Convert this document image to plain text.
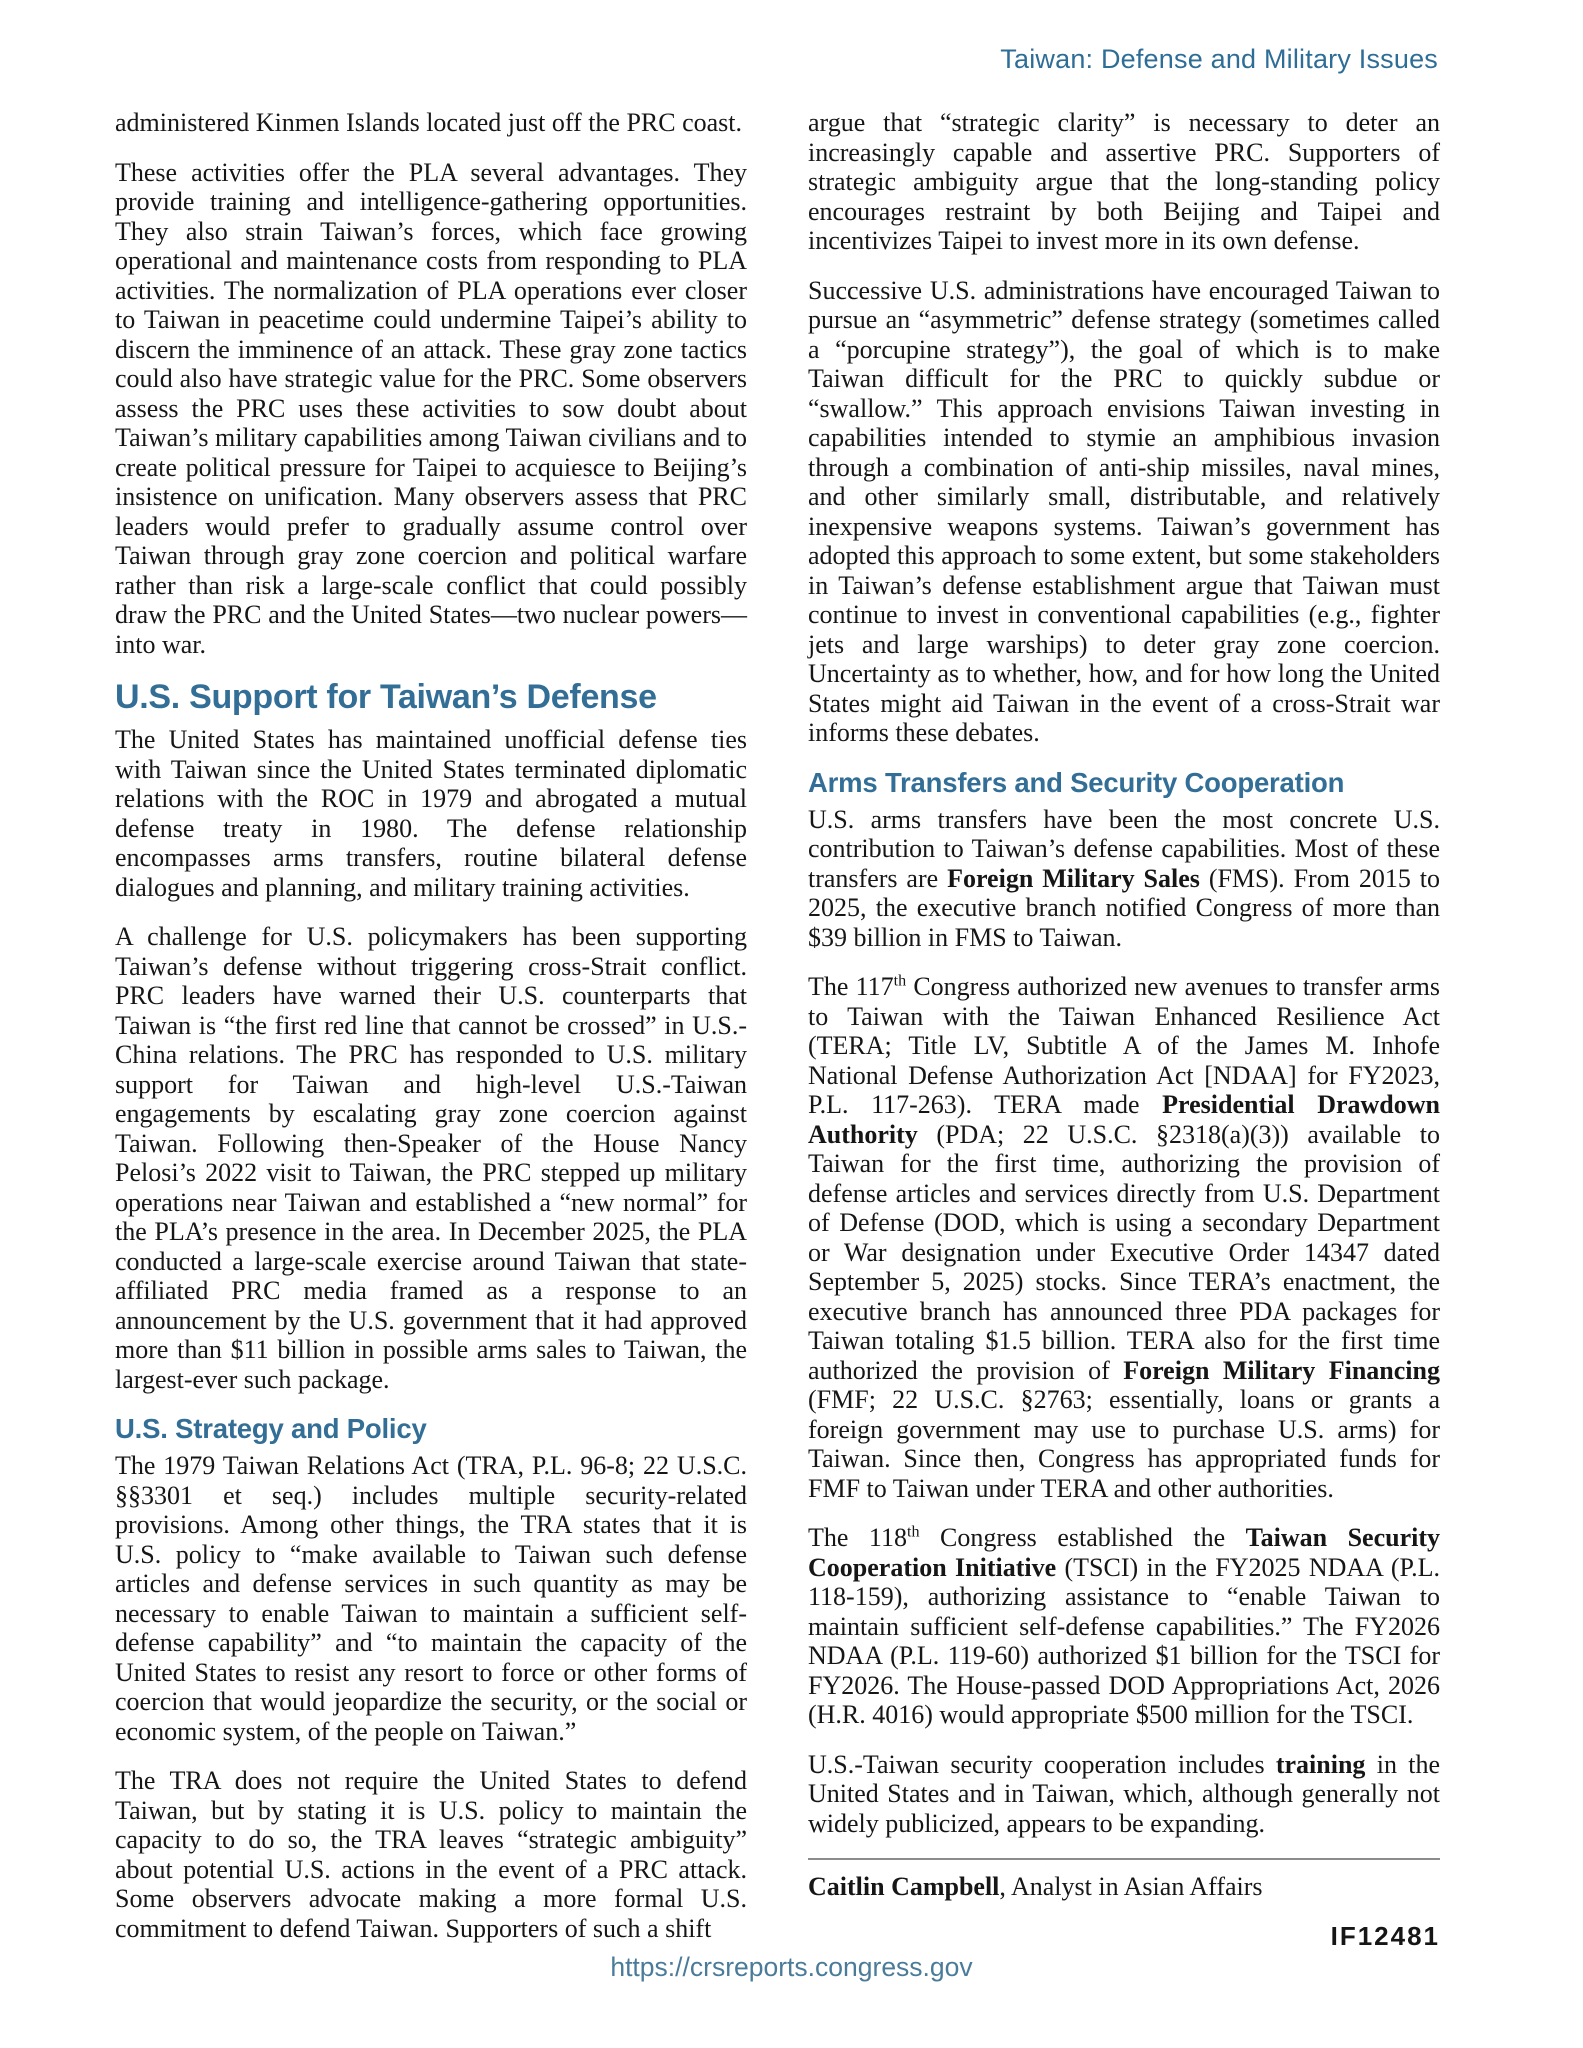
Taiwan: Defense and Military Issues

administered Kinmen Islands located just off the PRC coast.

These activities offer the PLA several advantages. They provide training and intelligence-gathering opportunities. They also strain Taiwan’s forces, which face growing operational and maintenance costs from responding to PLA activities. The normalization of PLA operations ever closer to Taiwan in peacetime could undermine Taipei’s ability to discern the imminence of an attack. These gray zone tactics could also have strategic value for the PRC. Some observers assess the PRC uses these activities to sow doubt about Taiwan’s military capabilities among Taiwan civilians and to create political pressure for Taipei to acquiesce to Beijing’s insistence on unification. Many observers assess that PRC leaders would prefer to gradually assume control over Taiwan through gray zone coercion and political warfare rather than risk a large-scale conflict that could possibly draw the PRC and the United States—two nuclear powers—into war.

U.S. Support for Taiwan’s Defense

The United States has maintained unofficial defense ties with Taiwan since the United States terminated diplomatic relations with the ROC in 1979 and abrogated a mutual defense treaty in 1980. The defense relationship encompasses arms transfers, routine bilateral defense dialogues and planning, and military training activities.

A challenge for U.S. policymakers has been supporting Taiwan’s defense without triggering cross-Strait conflict. PRC leaders have warned their U.S. counterparts that Taiwan is “the first red line that cannot be crossed” in U.S.-China relations. The PRC has responded to U.S. military support for Taiwan and high-level U.S.-Taiwan engagements by escalating gray zone coercion against Taiwan. Following then-Speaker of the House Nancy Pelosi’s 2022 visit to Taiwan, the PRC stepped up military operations near Taiwan and established a “new normal” for the PLA’s presence in the area. In December 2025, the PLA conducted a large-scale exercise around Taiwan that state-affiliated PRC media framed as a response to an announcement by the U.S. government that it had approved more than $11 billion in possible arms sales to Taiwan, the largest-ever such package.

U.S. Strategy and Policy

The 1979 Taiwan Relations Act (TRA, P.L. 96-8; 22 U.S.C. §§3301 et seq.) includes multiple security-related provisions. Among other things, the TRA states that it is U.S. policy to “make available to Taiwan such defense articles and defense services in such quantity as may be necessary to enable Taiwan to maintain a sufficient self-defense capability” and “to maintain the capacity of the United States to resist any resort to force or other forms of coercion that would jeopardize the security, or the social or economic system, of the people on Taiwan.”

The TRA does not require the United States to defend Taiwan, but by stating it is U.S. policy to maintain the capacity to do so, the TRA leaves “strategic ambiguity” about potential U.S. actions in the event of a PRC attack. Some observers advocate making a more formal U.S. commitment to defend Taiwan. Supporters of such a shift

argue that “strategic clarity” is necessary to deter an increasingly capable and assertive PRC. Supporters of strategic ambiguity argue that the long-standing policy encourages restraint by both Beijing and Taipei and incentivizes Taipei to invest more in its own defense.

Successive U.S. administrations have encouraged Taiwan to pursue an “asymmetric” defense strategy (sometimes called a “porcupine strategy”), the goal of which is to make Taiwan difficult for the PRC to quickly subdue or “swallow.” This approach envisions Taiwan investing in capabilities intended to stymie an amphibious invasion through a combination of anti-ship missiles, naval mines, and other similarly small, distributable, and relatively inexpensive weapons systems. Taiwan’s government has adopted this approach to some extent, but some stakeholders in Taiwan’s defense establishment argue that Taiwan must continue to invest in conventional capabilities (e.g., fighter jets and large warships) to deter gray zone coercion. Uncertainty as to whether, how, and for how long the United States might aid Taiwan in the event of a cross-Strait war informs these debates.

Arms Transfers and Security Cooperation

U.S. arms transfers have been the most concrete U.S. contribution to Taiwan’s defense capabilities. Most of these transfers are Foreign Military Sales (FMS). From 2015 to 2025, the executive branch notified Congress of more than $39 billion in FMS to Taiwan.

The 117th Congress authorized new avenues to transfer arms to Taiwan with the Taiwan Enhanced Resilience Act (TERA; Title LV, Subtitle A of the James M. Inhofe National Defense Authorization Act [NDAA] for FY2023, P.L. 117-263). TERA made Presidential Drawdown Authority (PDA; 22 U.S.C. §2318(a)(3)) available to Taiwan for the first time, authorizing the provision of defense articles and services directly from U.S. Department of Defense (DOD, which is using a secondary Department or War designation under Executive Order 14347 dated September 5, 2025) stocks. Since TERA’s enactment, the executive branch has announced three PDA packages for Taiwan totaling $1.5 billion. TERA also for the first time authorized the provision of Foreign Military Financing (FMF; 22 U.S.C. §2763; essentially, loans or grants a foreign government may use to purchase U.S. arms) for Taiwan. Since then, Congress has appropriated funds for FMF to Taiwan under TERA and other authorities.

The 118th Congress established the Taiwan Security Cooperation Initiative (TSCI) in the FY2025 NDAA (P.L. 118-159), authorizing assistance to “enable Taiwan to maintain sufficient self-defense capabilities.” The FY2026 NDAA (P.L. 119-60) authorized $1 billion for the TSCI for FY2026. The House-passed DOD Appropriations Act, 2026 (H.R. 4016) would appropriate $500 million for the TSCI.

U.S.-Taiwan security cooperation includes training in the United States and in Taiwan, which, although generally not widely publicized, appears to be expanding.

Caitlin Campbell, Analyst in Asian Affairs

IF12481
https://crsreports.congress.gov
